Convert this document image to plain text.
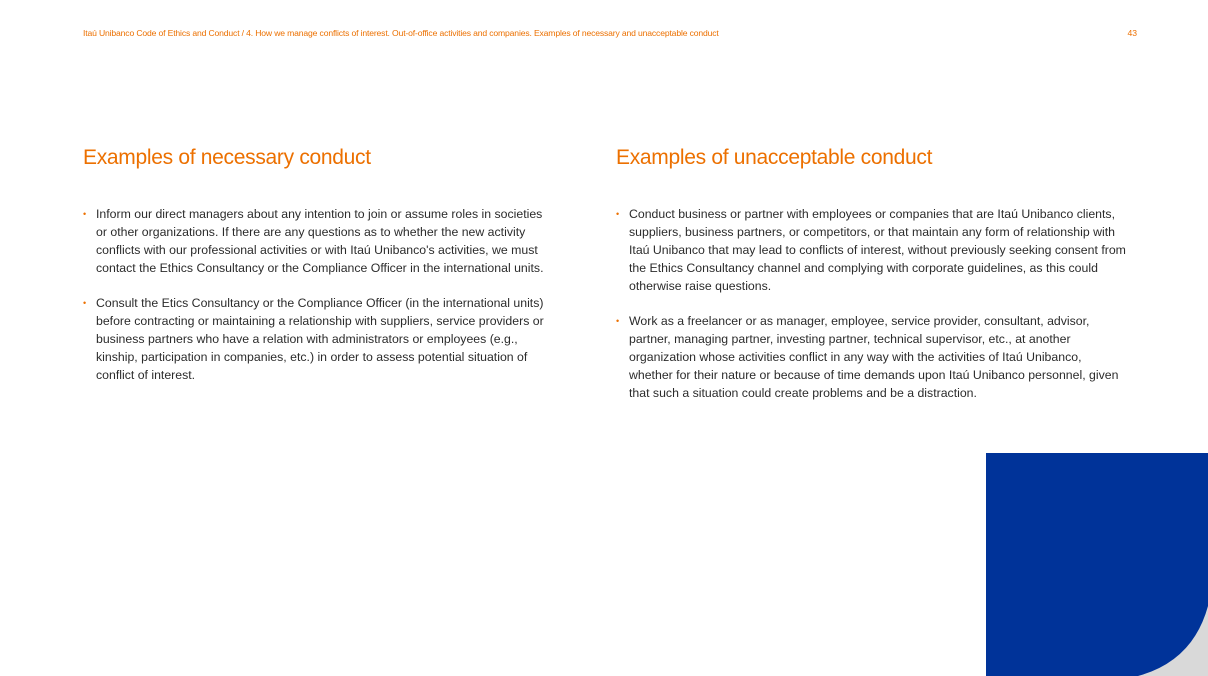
Itaú Unibanco Code of Ethics and Conduct / 4. How we manage conflicts of interest. Out-of-office activities and companies. Examples of necessary and unacceptable conduct	43
Examples of necessary conduct
• Inform our direct managers about any intention to join or assume roles in societies or other organizations. If there are any questions as to whether the new activity conflicts with our professional activities or with Itaú Unibanco's activities, we must contact the Ethics Consultancy or the Compliance Officer in the international units.
• Consult the Etics Consultancy or the Compliance Officer (in the international units) before contracting or maintaining a relationship with suppliers, service providers or business partners who have a relation with administrators or employees (e.g., kinship, participation in companies, etc.) in order to assess potential situation of conflict of interest.
Examples of unacceptable conduct
• Conduct business or partner with employees or companies that are Itaú Unibanco clients, suppliers, business partners, or competitors, or that maintain any form of relationship with Itaú Unibanco that may lead to conflicts of interest, without previously seeking consent from the Ethics Consultancy channel and complying with corporate guidelines, as this could otherwise raise questions.
• Work as a freelancer or as manager, employee, service provider, consultant, advisor, partner, managing partner, investing partner, technical supervisor, etc., at another organization whose activities conflict in any way with the activities of Itaú Unibanco, whether for their nature or because of time demands upon Itaú Unibanco personnel, given that such a situation could create problems and be a distraction.
